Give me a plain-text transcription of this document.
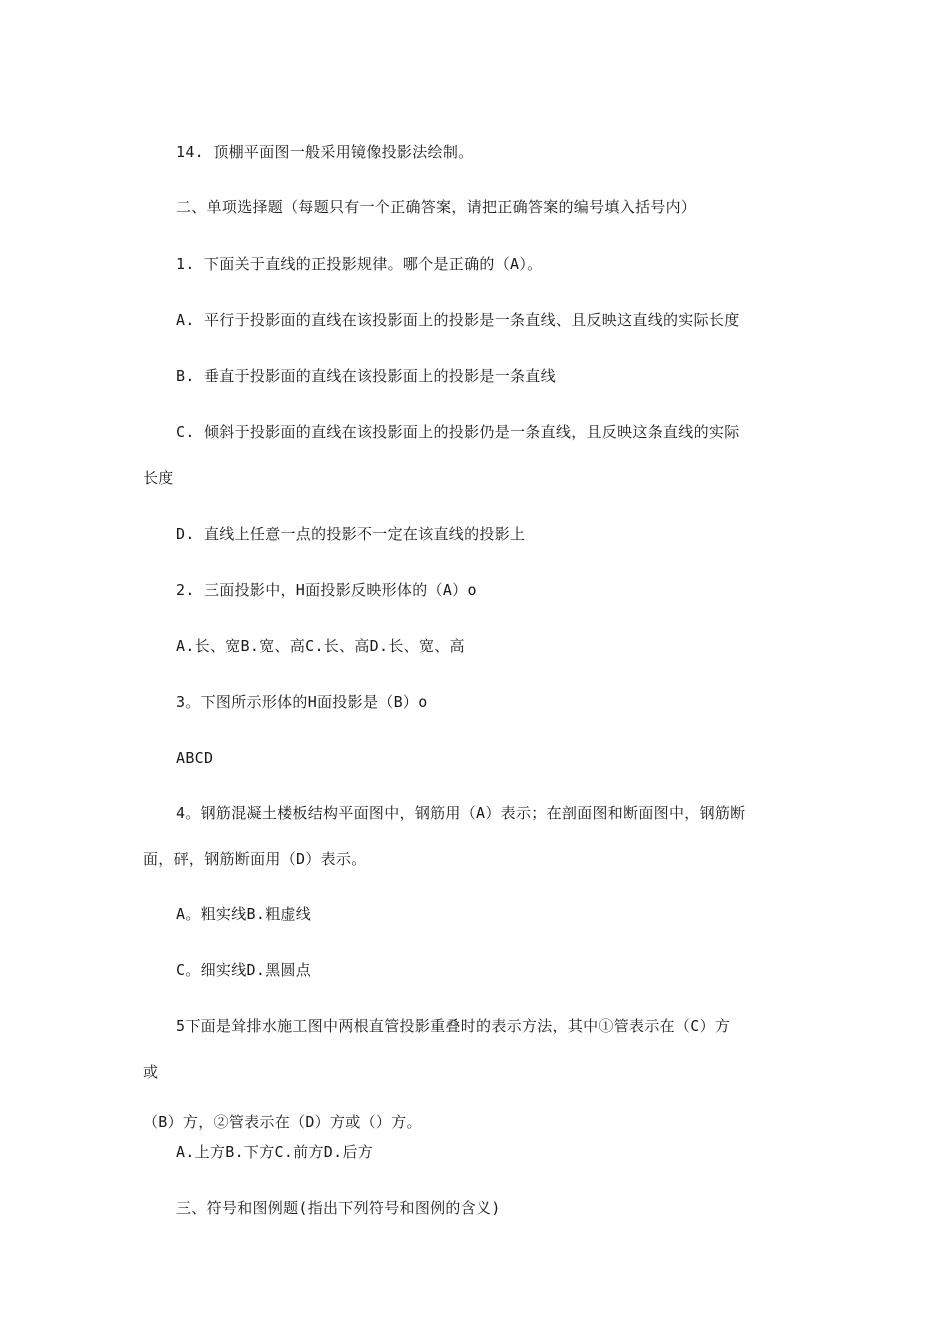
14. 顶棚平面图一般采用镜像投影法绘制。
二、单项选择题（每题只有一个正确答案，请把正确答案的编号填入括号内）
1. 下面关于直线的正投影规律。哪个是正确的（A）。
A. 平行于投影面的直线在该投影面上的投影是一条直线、且反映这直线的实际长度
B. 垂直于投影面的直线在该投影面上的投影是一条直线
C. 倾斜于投影面的直线在该投影面上的投影仍是一条直线，且反映这条直线的实际
长度
D. 直线上任意一点的投影不一定在该直线的投影上
2. 三面投影中，H面投影反映形体的（A）o
A.长、宽B.宽、高C.长、高D.长、宽、高
3。下图所示形体的H面投影是（B）o
ABCD
4。钢筋混凝土楼板结构平面图中，钢筋用（A）表示；在剖面图和断面图中，钢筋断
面，砰，钢筋断面用（D）表示。
A。粗实线B.粗虚线
C。细实线D.黑圆点
5下面是耸排水施工图中两根直管投影重叠时的表示方法，其中①管表示在（C）方
或
（B）方，②管表示在（D）方或（）方。
A.上方B.下方C.前方D.后方
三、符号和图例题(指出下列符号和图例的含义)
